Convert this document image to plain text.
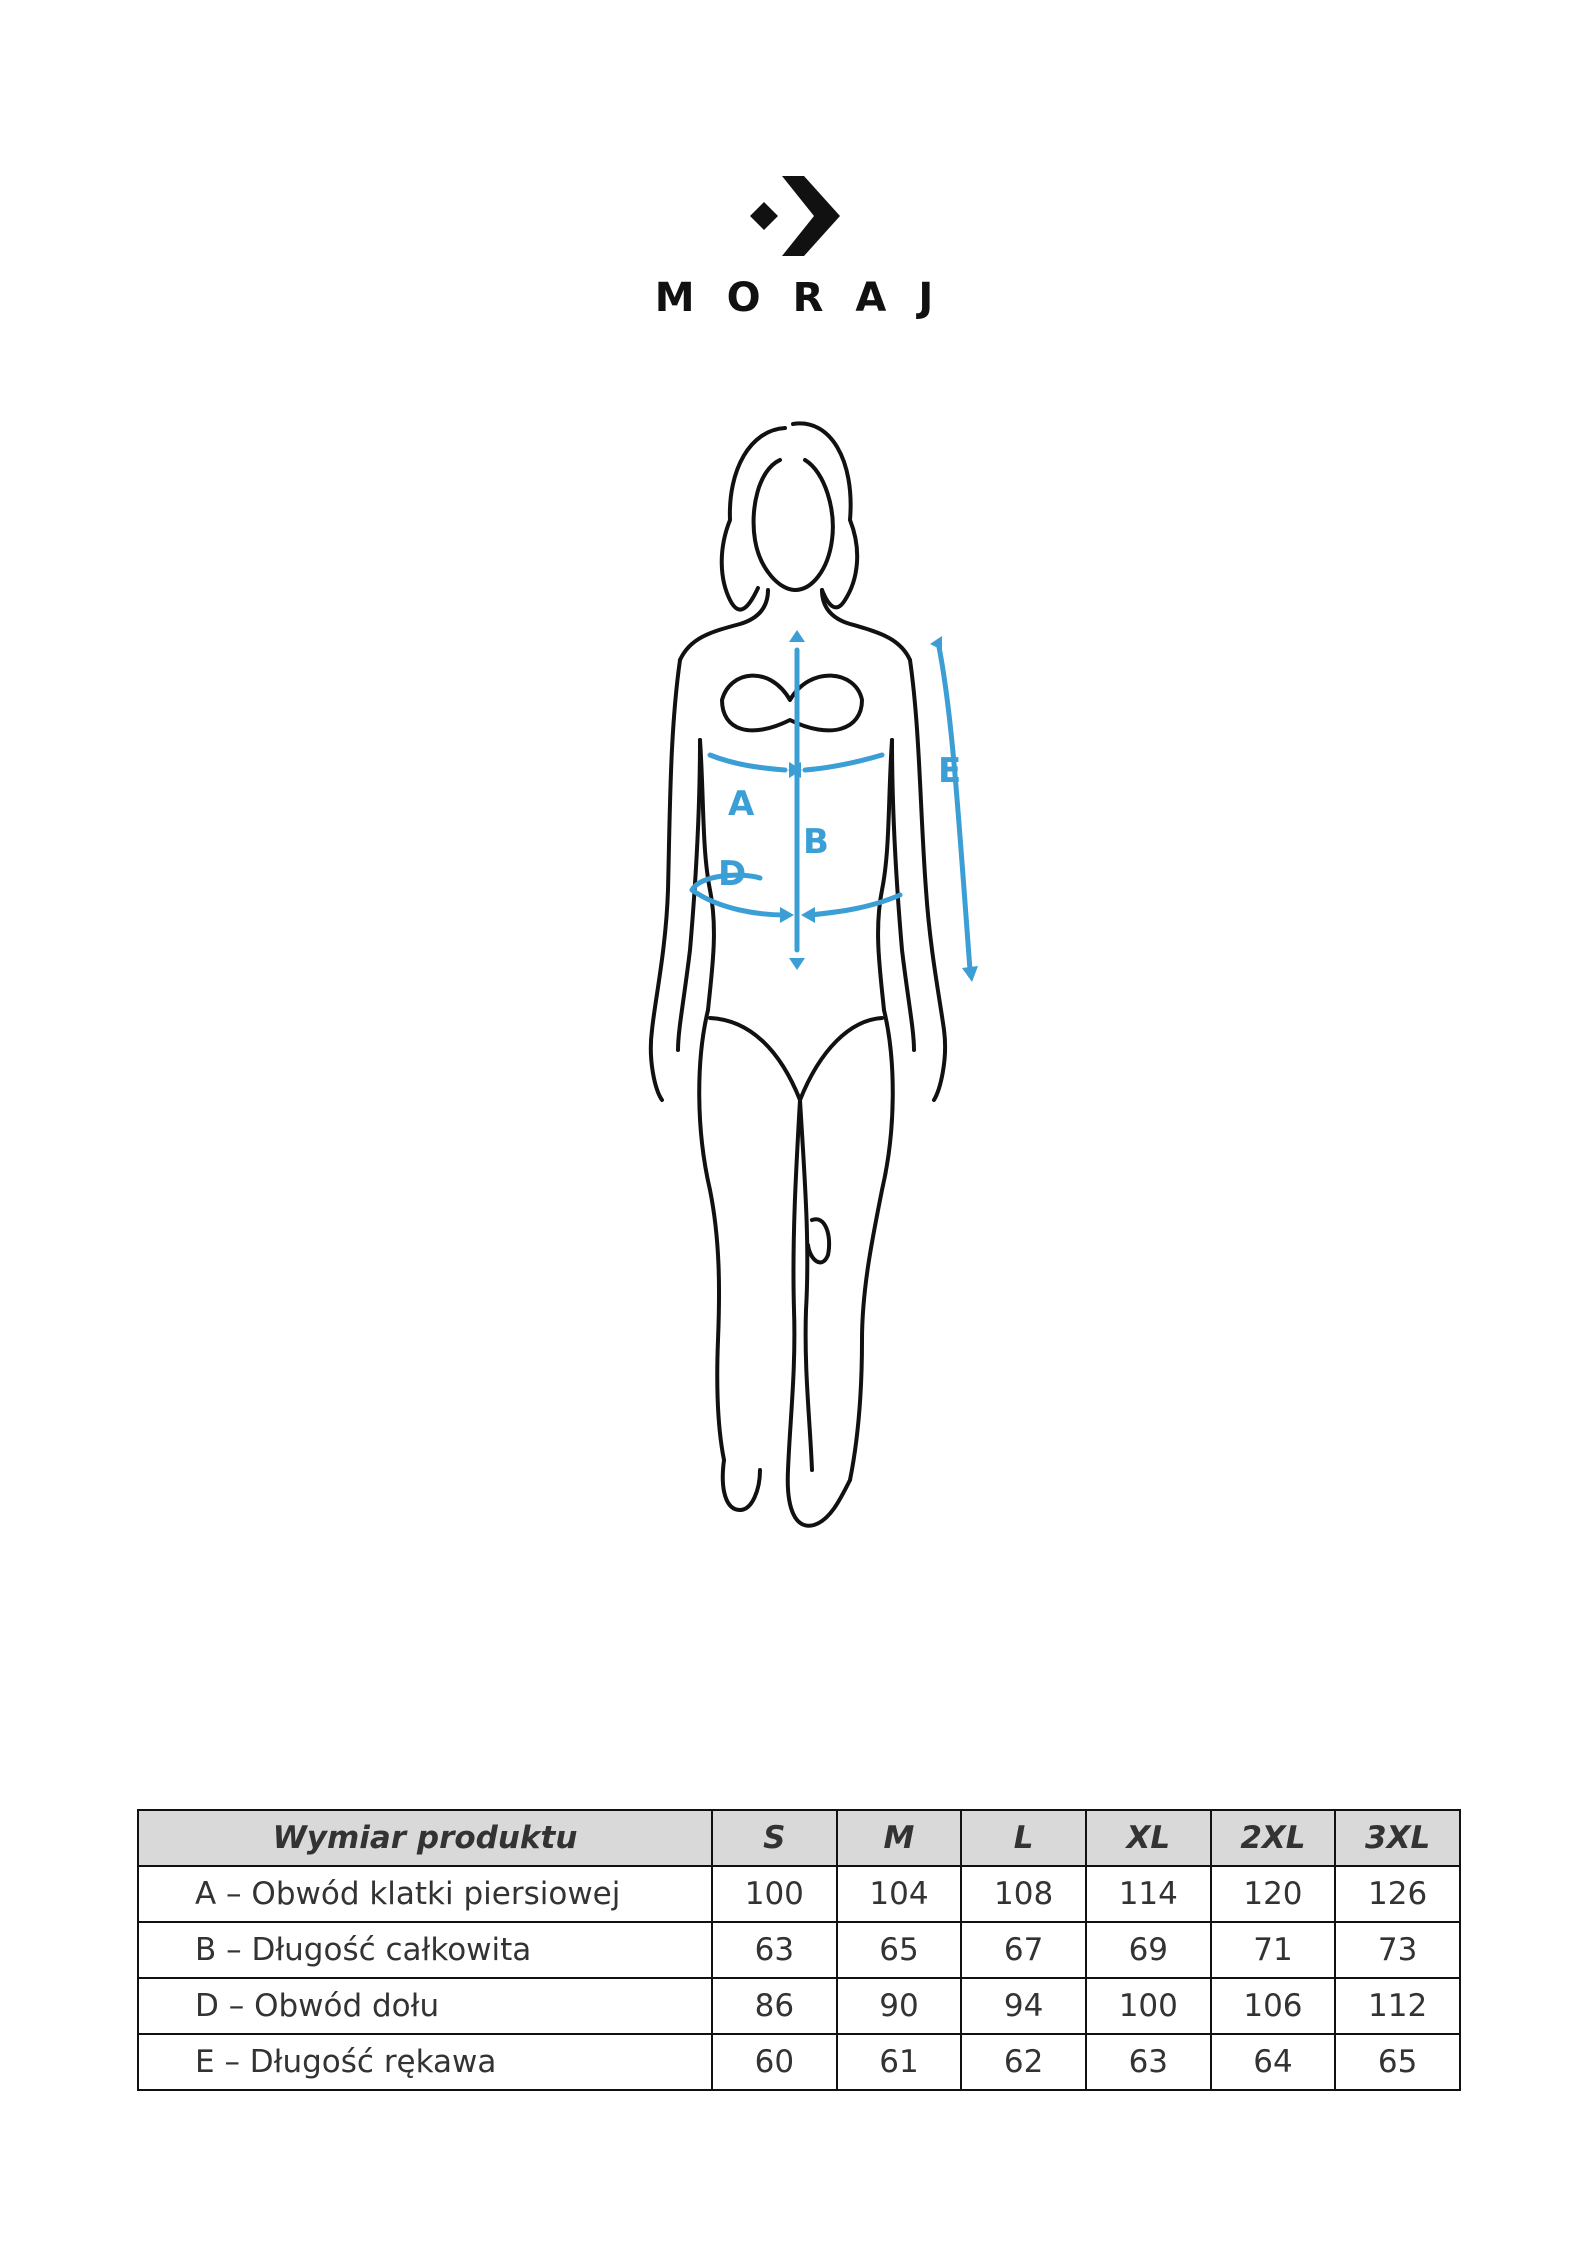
MORAJ
A
B
D
E
Wymiar produktu	S	M	L	XL	2XL	3XL
A – Obwód klatki piersiowej	100	104	108	114	120	126
B – Długość całkowita	63	65	67	69	71	73
D – Obwód dołu	86	90	94	100	106	112
E – Długość rękawa	60	61	62	63	64	65
